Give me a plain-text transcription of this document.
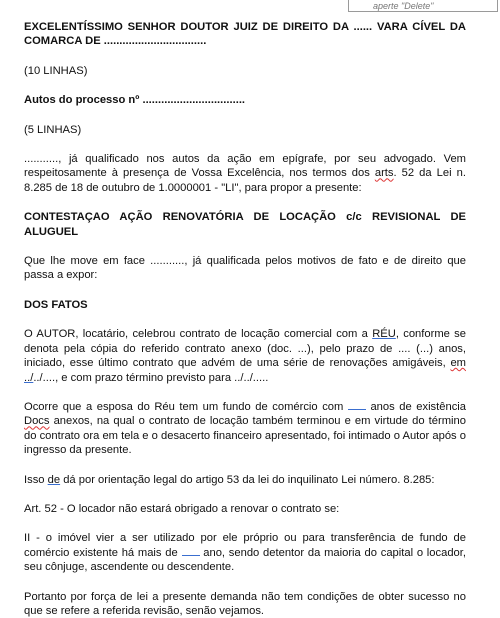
aperte "Delete"

EXCELENTÍSSIMO SENHOR DOUTOR JUIZ DE DIREITO DA ...... VARA CÍVEL DA COMARCA DE .................................

(10 LINHAS)

Autos do processo nº .................................

(5 LINHAS)

..........., já qualificado nos autos da ação em epígrafe, por seu advogado. Vem respeitosamente à presença de Vossa Excelência, nos termos dos arts. 52 da Lei n. 8.285 de 18 de outubro de 1.0000001 - "LI", para propor a presente:

CONTESTAÇAO AÇÃO RENOVATÓRIA DE LOCAÇÃO c/c REVISIONAL DE ALUGUEL

Que lhe move em face ..........., já qualificada pelos motivos de fato e de direito que passa a expor:

DOS FATOS

O AUTOR, locatário, celebrou contrato de locação comercial com a RÉU, conforme se denota pela cópia do referido contrato anexo (doc. ...), pelo prazo de .... (...) anos, iniciado, esse último contrato que advém de uma série de renovações amigáveis, em ../../...., e com prazo término previsto para ../../.....

Ocorre que a esposa do Réu tem um fundo de comércio com  anos de existência Docs anexos, na qual o contrato de locação também terminou e em virtude do término do contrato ora em tela e o desacerto financeiro apresentado, foi intimado o Autor após o ingresso da presente.

Isso de dá por orientação legal do artigo 53 da lei do inquilinato Lei número. 8.285:

Art. 52 - O locador não estará obrigado a renovar o contrato se:

II - o imóvel vier a ser utilizado por ele próprio ou para transferência de fundo de comércio existente há mais de  ano, sendo detentor da maioria do capital o locador, seu cônjuge, ascendente ou descendente.

Portanto por força de lei a presente demanda não tem condições de obter sucesso no que se refere a referida revisão, senão vejamos.
